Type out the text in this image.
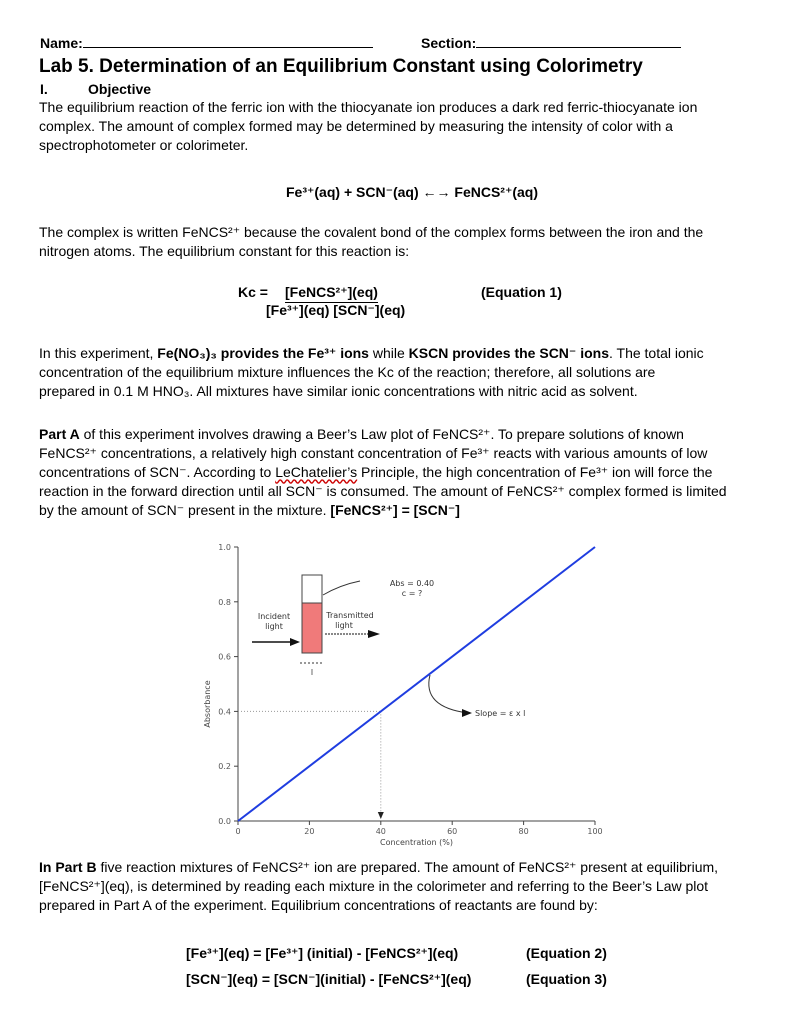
Name:	Section:
Lab 5. Determination of an Equilibrium Constant using Colorimetry
I.	Objective
The equilibrium reaction of the ferric ion with the thiocyanate ion produces a dark red ferric-thiocyanate ion
complex. The amount of complex formed may be determined by measuring the intensity of color with a
spectrophotometer or colorimeter.
Fe³⁺(aq) + SCN⁻(aq) ←→ FeNCS²⁺(aq)
The complex is written FeNCS²⁺ because the covalent bond of the complex forms between the iron and the
nitrogen atoms. The equilibrium constant for this reaction is:
Kc = [FeNCS²⁺](eq)
[Fe³⁺](eq) [SCN⁻](eq)
(Equation 1)
In this experiment, Fe(NO₃)₃ provides the Fe³⁺ ions while KSCN provides the SCN⁻ ions. The total ionic
concentration of the equilibrium mixture influences the Kc of the reaction; therefore, all solutions are
prepared in 0.1 M HNO₃. All mixtures have similar ionic concentrations with nitric acid as solvent.
Part A of this experiment involves drawing a Beer’s Law plot of FeNCS²⁺. To prepare solutions of known
FeNCS²⁺ concentrations, a relatively high constant concentration of Fe³⁺ reacts with various amounts of low
concentrations of SCN⁻. According to LeChatelier’s Principle, the high concentration of Fe³⁺ ion will force the
reaction in the forward direction until all SCN⁻ is consumed. The amount of FeNCS²⁺ complex formed is limited
by the amount of SCN⁻ present in the mixture. [FeNCS²⁺] = [SCN⁻]
0.0
0.2
0.4
0.6
0.8
1.0
0	20	40	60	80	100
Concentration (%)
Absorbance
l
Incident
light
Transmitted
light
Abs = 0.40
c = ?
Slope = ε x l
In Part B five reaction mixtures of FeNCS²⁺ ion are prepared. The amount of FeNCS²⁺ present at equilibrium,
[FeNCS²⁺](eq), is determined by reading each mixture in the colorimeter and referring to the Beer’s Law plot
prepared in Part A of the experiment. Equilibrium concentrations of reactants are found by:
[Fe³⁺](eq) = [Fe³⁺] (initial) - [FeNCS²⁺](eq)	(Equation 2)
[SCN⁻](eq) = [SCN⁻](initial) - [FeNCS²⁺](eq)	(Equation 3)
